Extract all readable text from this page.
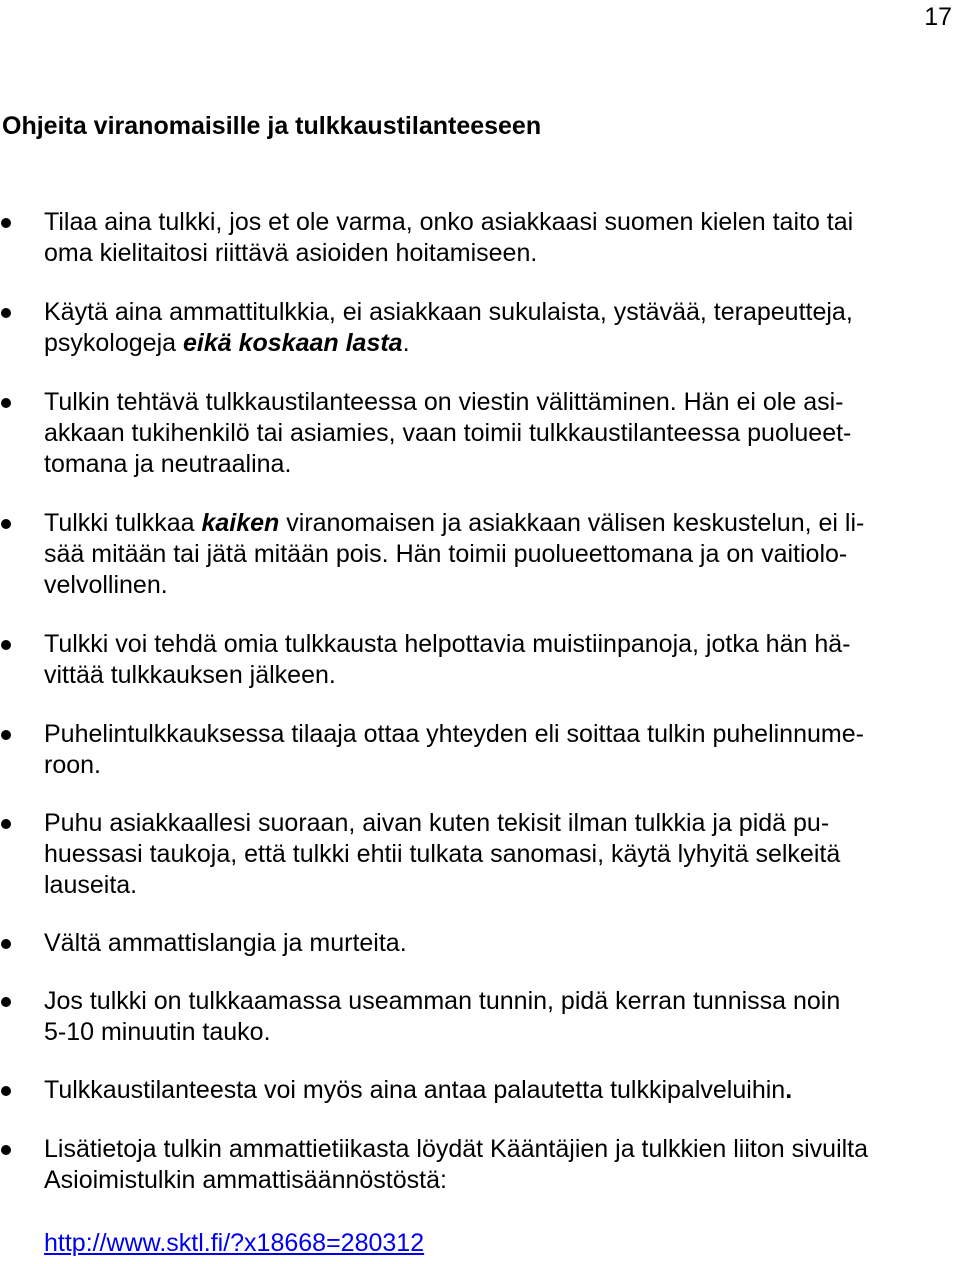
17
Ohjeita viranomaisille ja tulkkaustilanteeseen
Tilaa aina tulkki, jos et ole varma, onko asiakkaasi suomen kielen taito tai
oma kielitaitosi riittävä asioiden hoitamiseen.
Käytä aina ammattitulkkia, ei asiakkaan sukulaista, ystävää, terapeutteja,
psykologeja eikä koskaan lasta.
Tulkin tehtävä tulkkaustilanteessa on viestin välittäminen. Hän ei ole asi-
akkaan tukihenkilö tai asiamies, vaan toimii tulkkaustilanteessa puolueet-
tomana ja neutraalina.
Tulkki tulkkaa kaiken viranomaisen ja asiakkaan välisen keskustelun, ei li-
sää mitään tai jätä mitään pois. Hän toimii puolueettomana ja on vaitiolo-
velvollinen.
Tulkki voi tehdä omia tulkkausta helpottavia muistiinpanoja, jotka hän hä-
vittää tulkkauksen jälkeen.
Puhelintulkkauksessa tilaaja ottaa yhteyden eli soittaa tulkin puhelinnume-
roon.
Puhu asiakkaallesi suoraan, aivan kuten tekisit ilman tulkkia ja pidä pu-
huessasi taukoja, että tulkki ehtii tulkata sanomasi, käytä lyhyitä selkeitä
lauseita.
Vältä ammattislangia ja murteita.
Jos tulkki on tulkkaamassa useamman tunnin, pidä kerran tunnissa noin
5-10 minuutin tauko.
Tulkkaustilanteesta voi myös aina antaa palautetta tulkkipalveluihin.
Lisätietoja tulkin ammattietiikasta löydät Kääntäjien ja tulkkien liiton sivuilta
Asioimistulkin ammattisäännöstöstä:
http://www.sktl.fi/?x18668=280312
